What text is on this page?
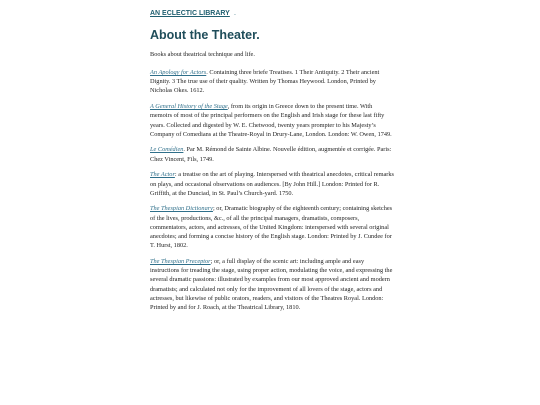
AN ECLECTIC LIBRARY .
About the Theater.
Books about theatrical technique and life.

An Apology for Actors. Containing three briefe Treatises. 1 Their Antiquity. 2 Their ancient Dignity. 3 The true use of their quality. Written by Thomas Heywood. London, Printed by Nicholas Okes. 1612.

A General History of the Stage, from its origin in Greece down to the present time. With memoirs of most of the principal performers on the English and Irish stage for these last fifty years. Collected and digested by W. E. Chetwood, twenty years prompter to his Majesty’s Company of Comedians at the Theatre-Royal in Drury-Lane, London. London: W. Owen, 1749.

Le Comédien. Par M. Rémond de Sainte Albine. Nouvelle édition, augmentée et corrigée. Paris: Chez Vincent, Fils, 1749.

The Actor: a treatise on the art of playing. Interspersed with theatrical anecdotes, critical remarks on plays, and occasional observations on audiences. [By John Hill.] London: Printed for R. Griffith, at the Dunciad, in St. Paul’s Church-yard. 1750.

The Thespian Dictionary; or, Dramatic biography of the eighteenth century; containing sketches of the lives, productions, &c., of all the principal managers, dramatists, composers, commentators, actors, and actresses, of the United Kingdom: interspersed with several original anecdotes; and forming a concise history of the English stage. London: Printed by J. Cundee for T. Hurst, 1802.

The Thespian Preceptor; or, a full display of the scenic art: including ample and easy instructions for treading the stage, using proper action, modulating the voice, and expressing the several dramatic passions: illustrated by examples from our most approved ancient and modern dramatists; and calculated not only for the improvement of all lovers of the stage, actors and actresses, but likewise of public orators, readers, and visitors of the Theatres Royal. London: Printed by and for J. Roach, at the Theatrical Library, 1810.
